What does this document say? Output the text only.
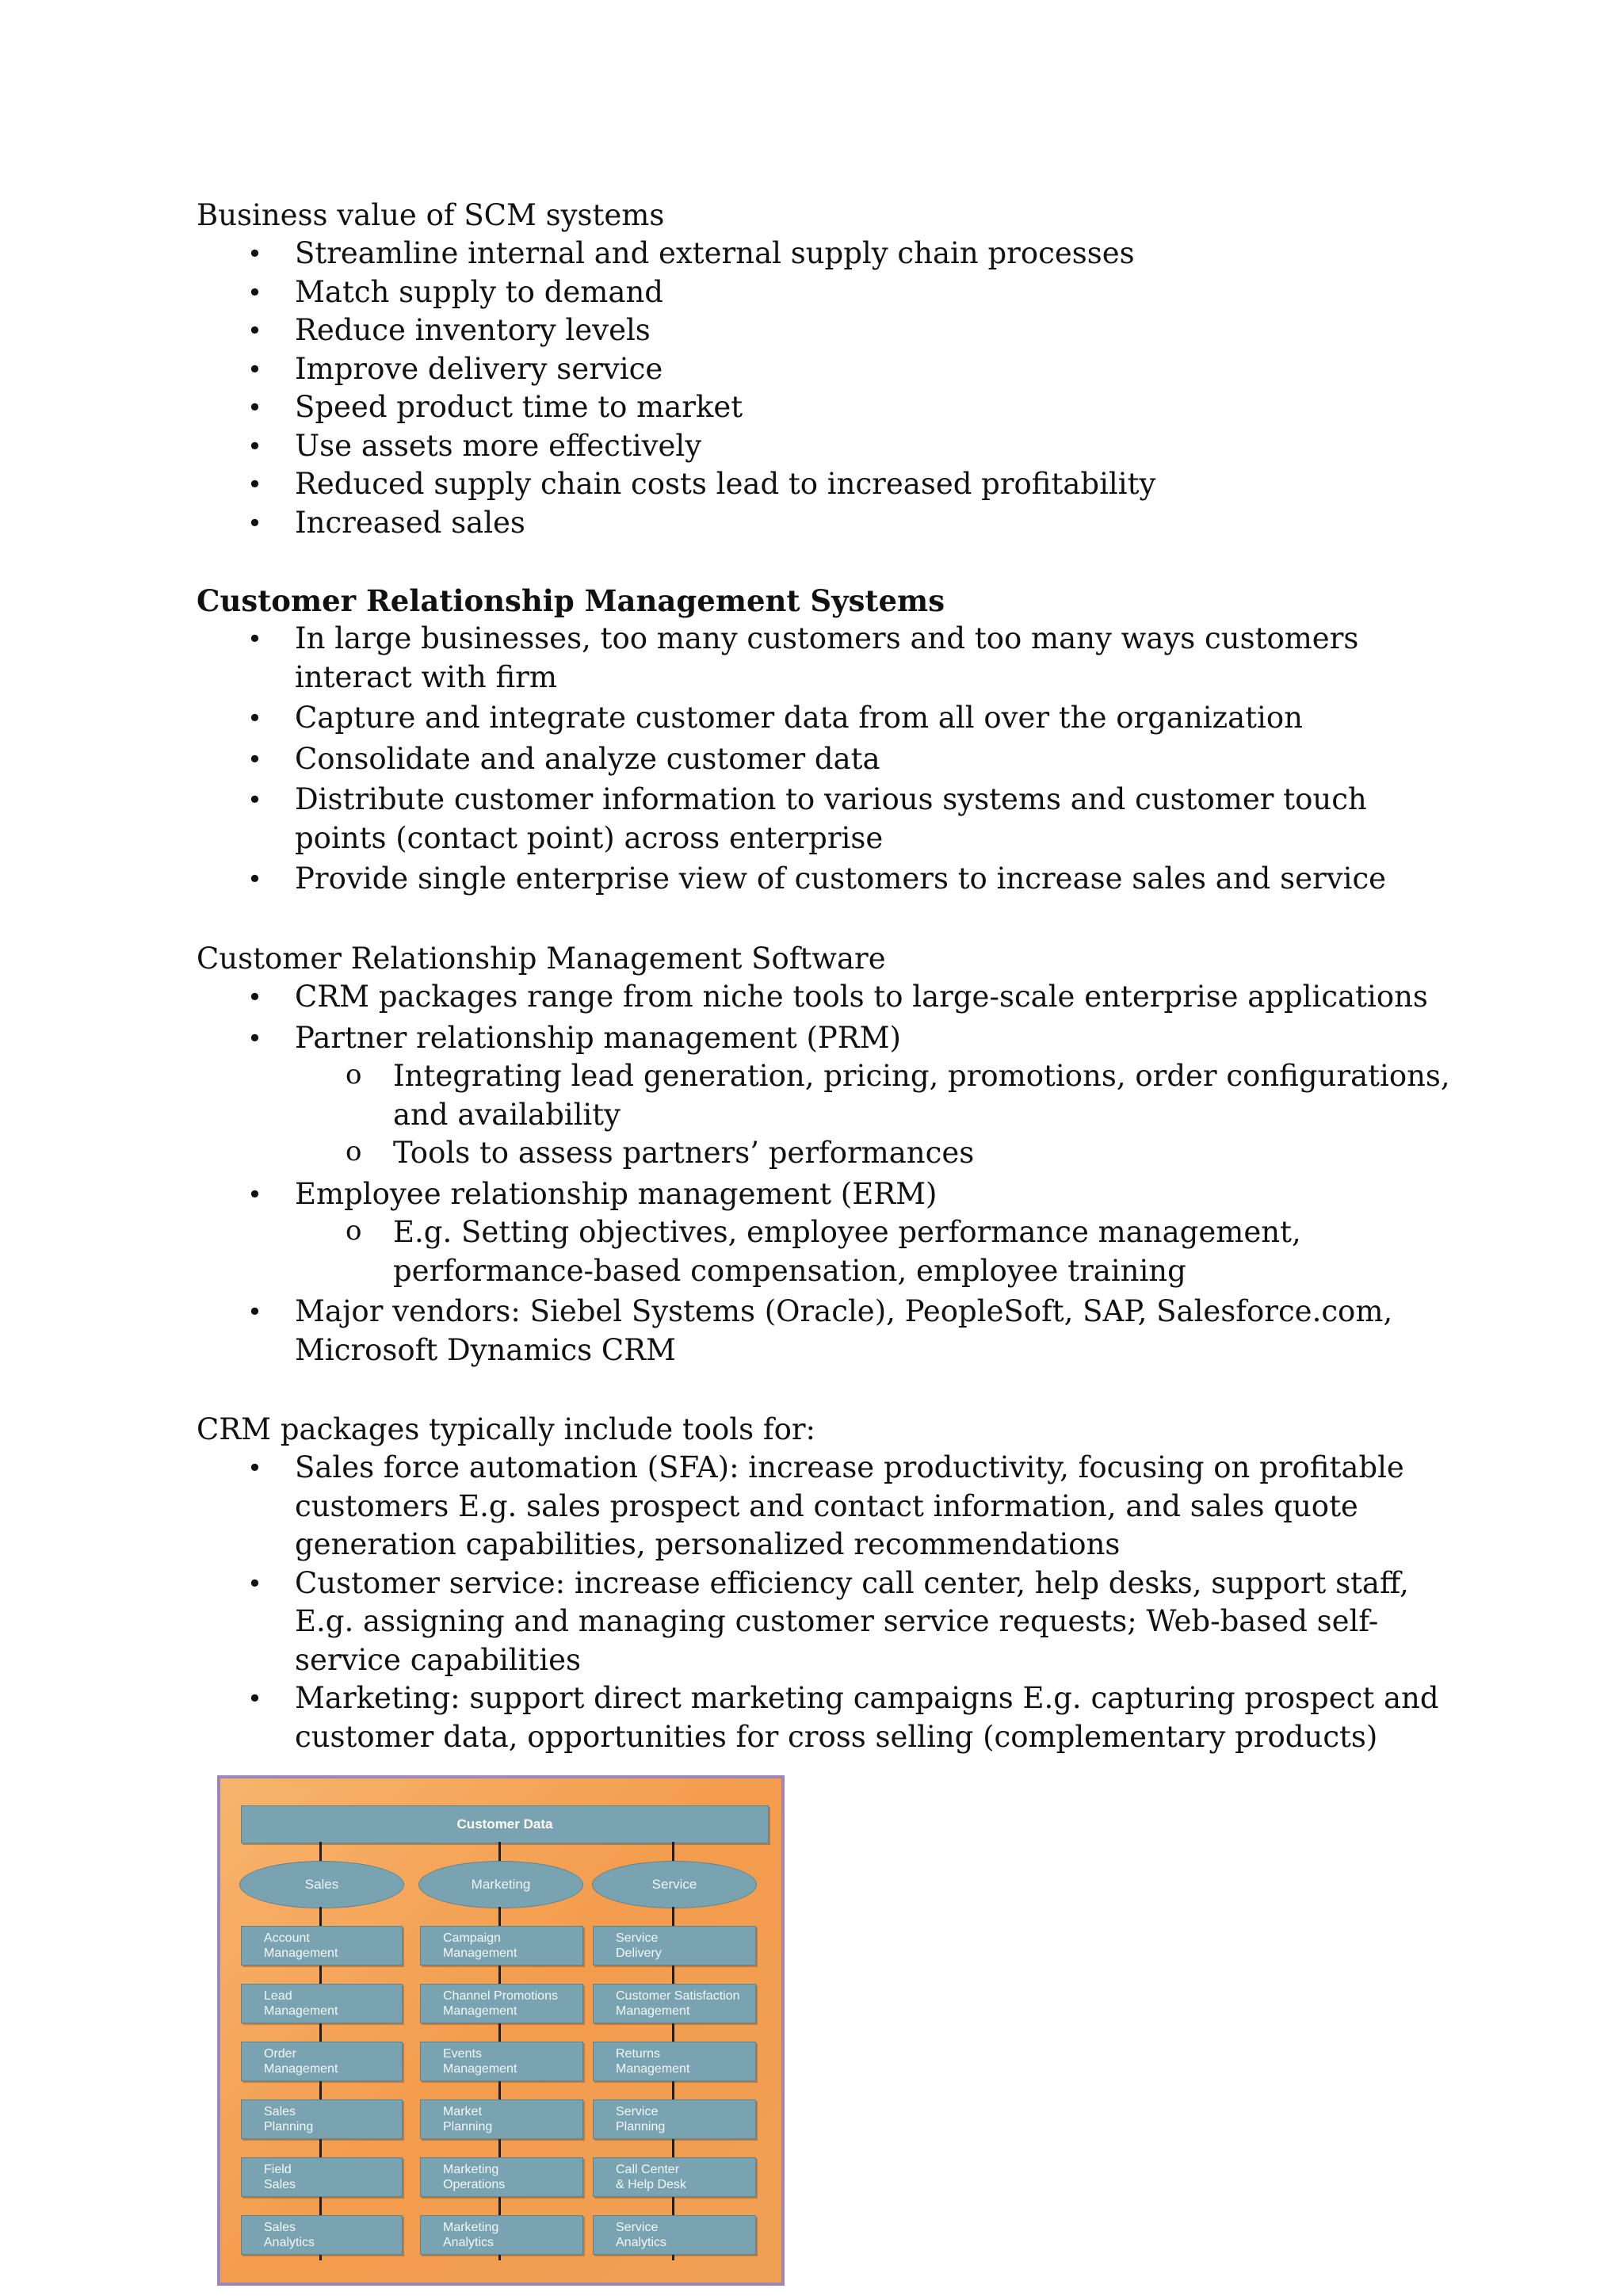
Business value of SCM systems

• Streamline internal and external supply chain processes
• Match supply to demand
• Reduce inventory levels
• Improve delivery service
• Speed product time to market
• Use assets more effectively
• Reduced supply chain costs lead to increased profitability
• Increased sales

Customer Relationship Management Systems

• In large businesses, too many customers and too many ways customers interact with firm
• Capture and integrate customer data from all over the organization
• Consolidate and analyze customer data
• Distribute customer information to various systems and customer touch points (contact point) across enterprise
• Provide single enterprise view of customers to increase sales and service

Customer Relationship Management Software

• CRM packages range from niche tools to large-scale enterprise applications
• Partner relationship management (PRM)
o Integrating lead generation, pricing, promotions, order configurations, and availability
o Tools to assess partners’ performances
• Employee relationship management (ERM)
o E.g. Setting objectives, employee performance management, performance-based compensation, employee training
• Major vendors: Siebel Systems (Oracle), PeopleSoft, SAP, Salesforce.com, Microsoft Dynamics CRM

CRM packages typically include tools for:

• Sales force automation (SFA): increase productivity, focusing on profitable customers E.g. sales prospect and contact information, and sales quote generation capabilities, personalized recommendations
• Customer service: increase efficiency call center, help desks, support staff, E.g. assigning and managing customer service requests; Web-based self-service capabilities
• Marketing: support direct marketing campaigns E.g. capturing prospect and customer data, opportunities for cross selling (complementary products)
Customer Data
Sales	Marketing	Service
Account
Management
Lead
Management
Order
Management
Sales
Planning
Field
Sales
Sales
Analytics
Campaign
Management
Channel Promotions
Management
Events
Management
Market
Planning
Marketing
Operations
Marketing
Analytics
Service
Delivery
Customer Satisfaction
Management
Returns
Management
Service
Planning
Call Center
& Help Desk
Service
Analytics
